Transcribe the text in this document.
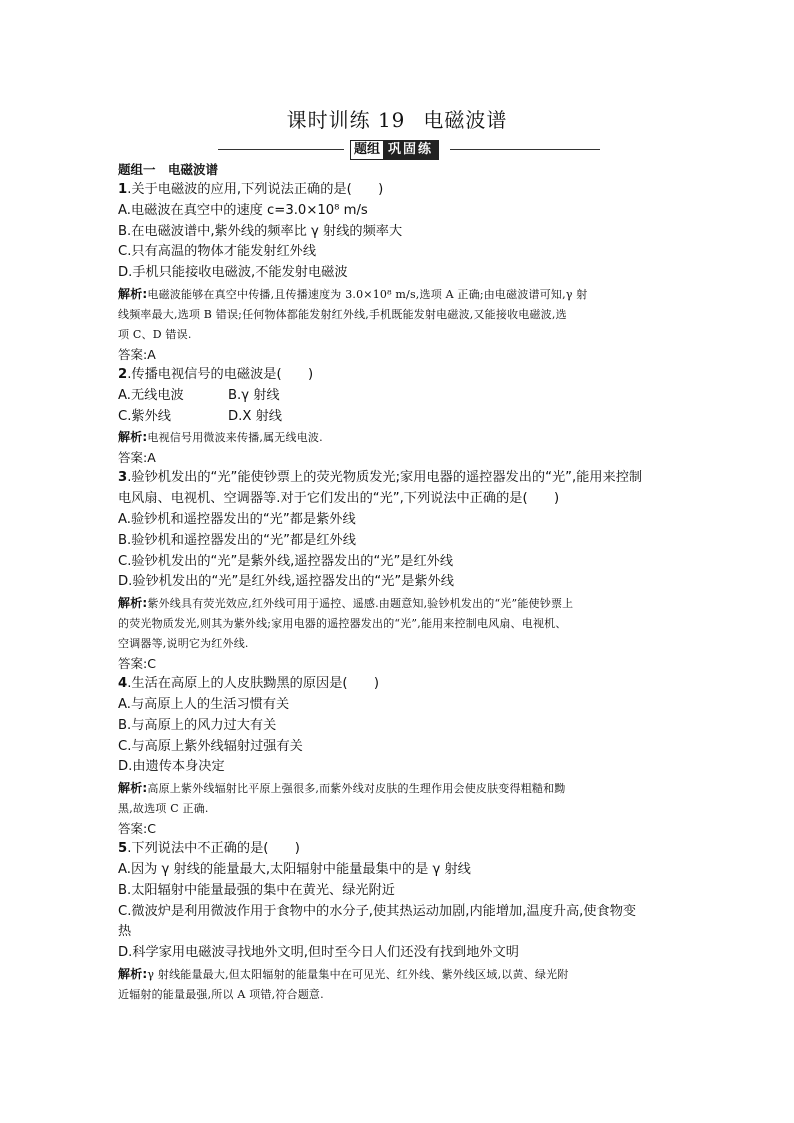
课时训练 19 电磁波谱
题组 巩固练
题组一　电磁波谱
1.关于电磁波的应用,下列说法正确的是(　　)
A.电磁波在真空中的速度 c=3.0×10⁸ m/s
B.在电磁波谱中,紫外线的频率比 γ 射线的频率大
C.只有高温的物体才能发射红外线
D.手机只能接收电磁波,不能发射电磁波
解析:电磁波能够在真空中传播,且传播速度为 3.0×10⁸ m/s,选项 A 正确;由电磁波谱可知,γ 射
线频率最大,选项 B 错误;任何物体都能发射红外线,手机既能发射电磁波,又能接收电磁波,选
项 C、D 错误.
答案:A
2.传播电视信号的电磁波是(　　)
A.无线电波	B.γ 射线
C.紫外线	D.X 射线
解析:电视信号用微波来传播,属无线电波.
答案:A
3.验钞机发出的“光”能使钞票上的荧光物质发光;家用电器的遥控器发出的“光”,能用来控制
电风扇、电视机、空调器等.对于它们发出的“光”,下列说法中正确的是(　　)
A.验钞机和遥控器发出的“光”都是紫外线
B.验钞机和遥控器发出的“光”都是红外线
C.验钞机发出的“光”是紫外线,遥控器发出的“光”是红外线
D.验钞机发出的“光”是红外线,遥控器发出的“光”是紫外线
解析:紫外线具有荧光效应,红外线可用于遥控、遥感.由题意知,验钞机发出的“光”能使钞票上
的荧光物质发光,则其为紫外线;家用电器的遥控器发出的“光”,能用来控制电风扇、电视机、
空调器等,说明它为红外线.
答案:C
4.生活在高原上的人皮肤黝黑的原因是(　　)
A.与高原上人的生活习惯有关
B.与高原上的风力过大有关
C.与高原上紫外线辐射过强有关
D.由遗传本身决定
解析:高原上紫外线辐射比平原上强很多,而紫外线对皮肤的生理作用会使皮肤变得粗糙和黝
黑,故选项 C 正确.
答案:C
5.下列说法中不正确的是(　　)
A.因为 γ 射线的能量最大,太阳辐射中能量最集中的是 γ 射线
B.太阳辐射中能量最强的集中在黄光、绿光附近
C.微波炉是利用微波作用于食物中的水分子,使其热运动加剧,内能增加,温度升高,使食物变
热
D.科学家用电磁波寻找地外文明,但时至今日人们还没有找到地外文明
解析:γ 射线能量最大,但太阳辐射的能量集中在可见光、红外线、紫外线区域,以黄、绿光附
近辐射的能量最强,所以 A 项错,符合题意.
